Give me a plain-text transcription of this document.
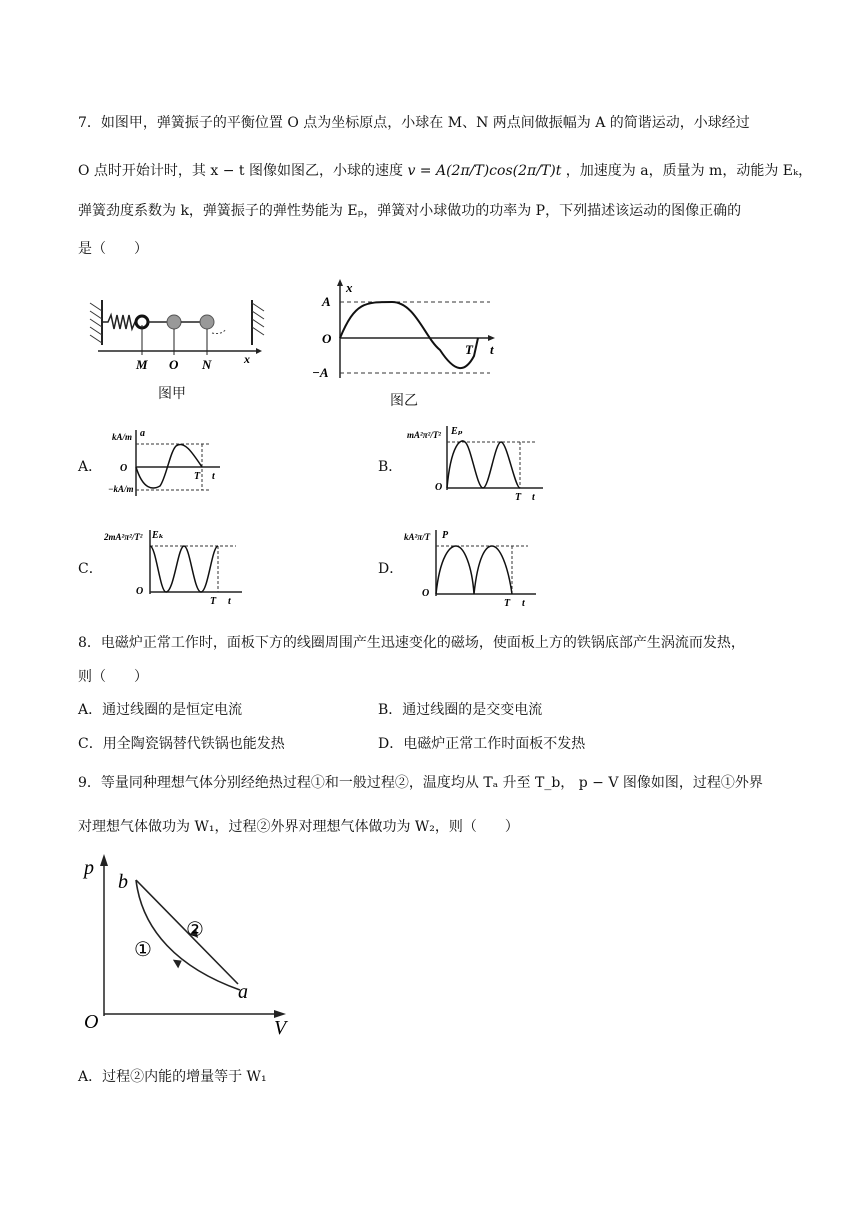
7．如图甲，弹簧振子的平衡位置 O 点为坐标原点，小球在 M、N 两点间做振幅为 A 的简谐运动，小球经过
O 点时开始计时，其 x − t 图像如图乙，小球的速度 v = A(2π/T)cos(2π/T)t ，加速度为 a，质量为 m，动能为 Eₖ，
弹簧劲度系数为 k，弹簧振子的弹性势能为 Eₚ，弹簧对小球做功的功率为 P，下列描述该运动的图像正确的
是（　　）
M O N	x
图甲
x
A
O
−A
T t
图乙
A．
kA/m a
O
−kA/m
T t
B．
mA²π²/T² Eₚ
O
T t
C．
2mA²π²/T² Eₖ
O
T t
D．
kA²π/T P
O
T t
8．电磁炉正常工作时，面板下方的线圈周围产生迅速变化的磁场，使面板上方的铁锅底部产生涡流而发热，
则（　　）
A．通过线圈的是恒定电流	B．通过线圈的是交变电流
C．用全陶瓷锅替代铁锅也能发热	D．电磁炉正常工作时面板不发热
9．等量同种理想气体分别经绝热过程①和一般过程②，温度均从 Tₐ 升至 T_b， p − V 图像如图，过程①外界
对理想气体做功为 W₁，过程②外界对理想气体做功为 W₂，则（　　）
p
V
O
a
b
①
②
A．过程②内能的增量等于 W₁
